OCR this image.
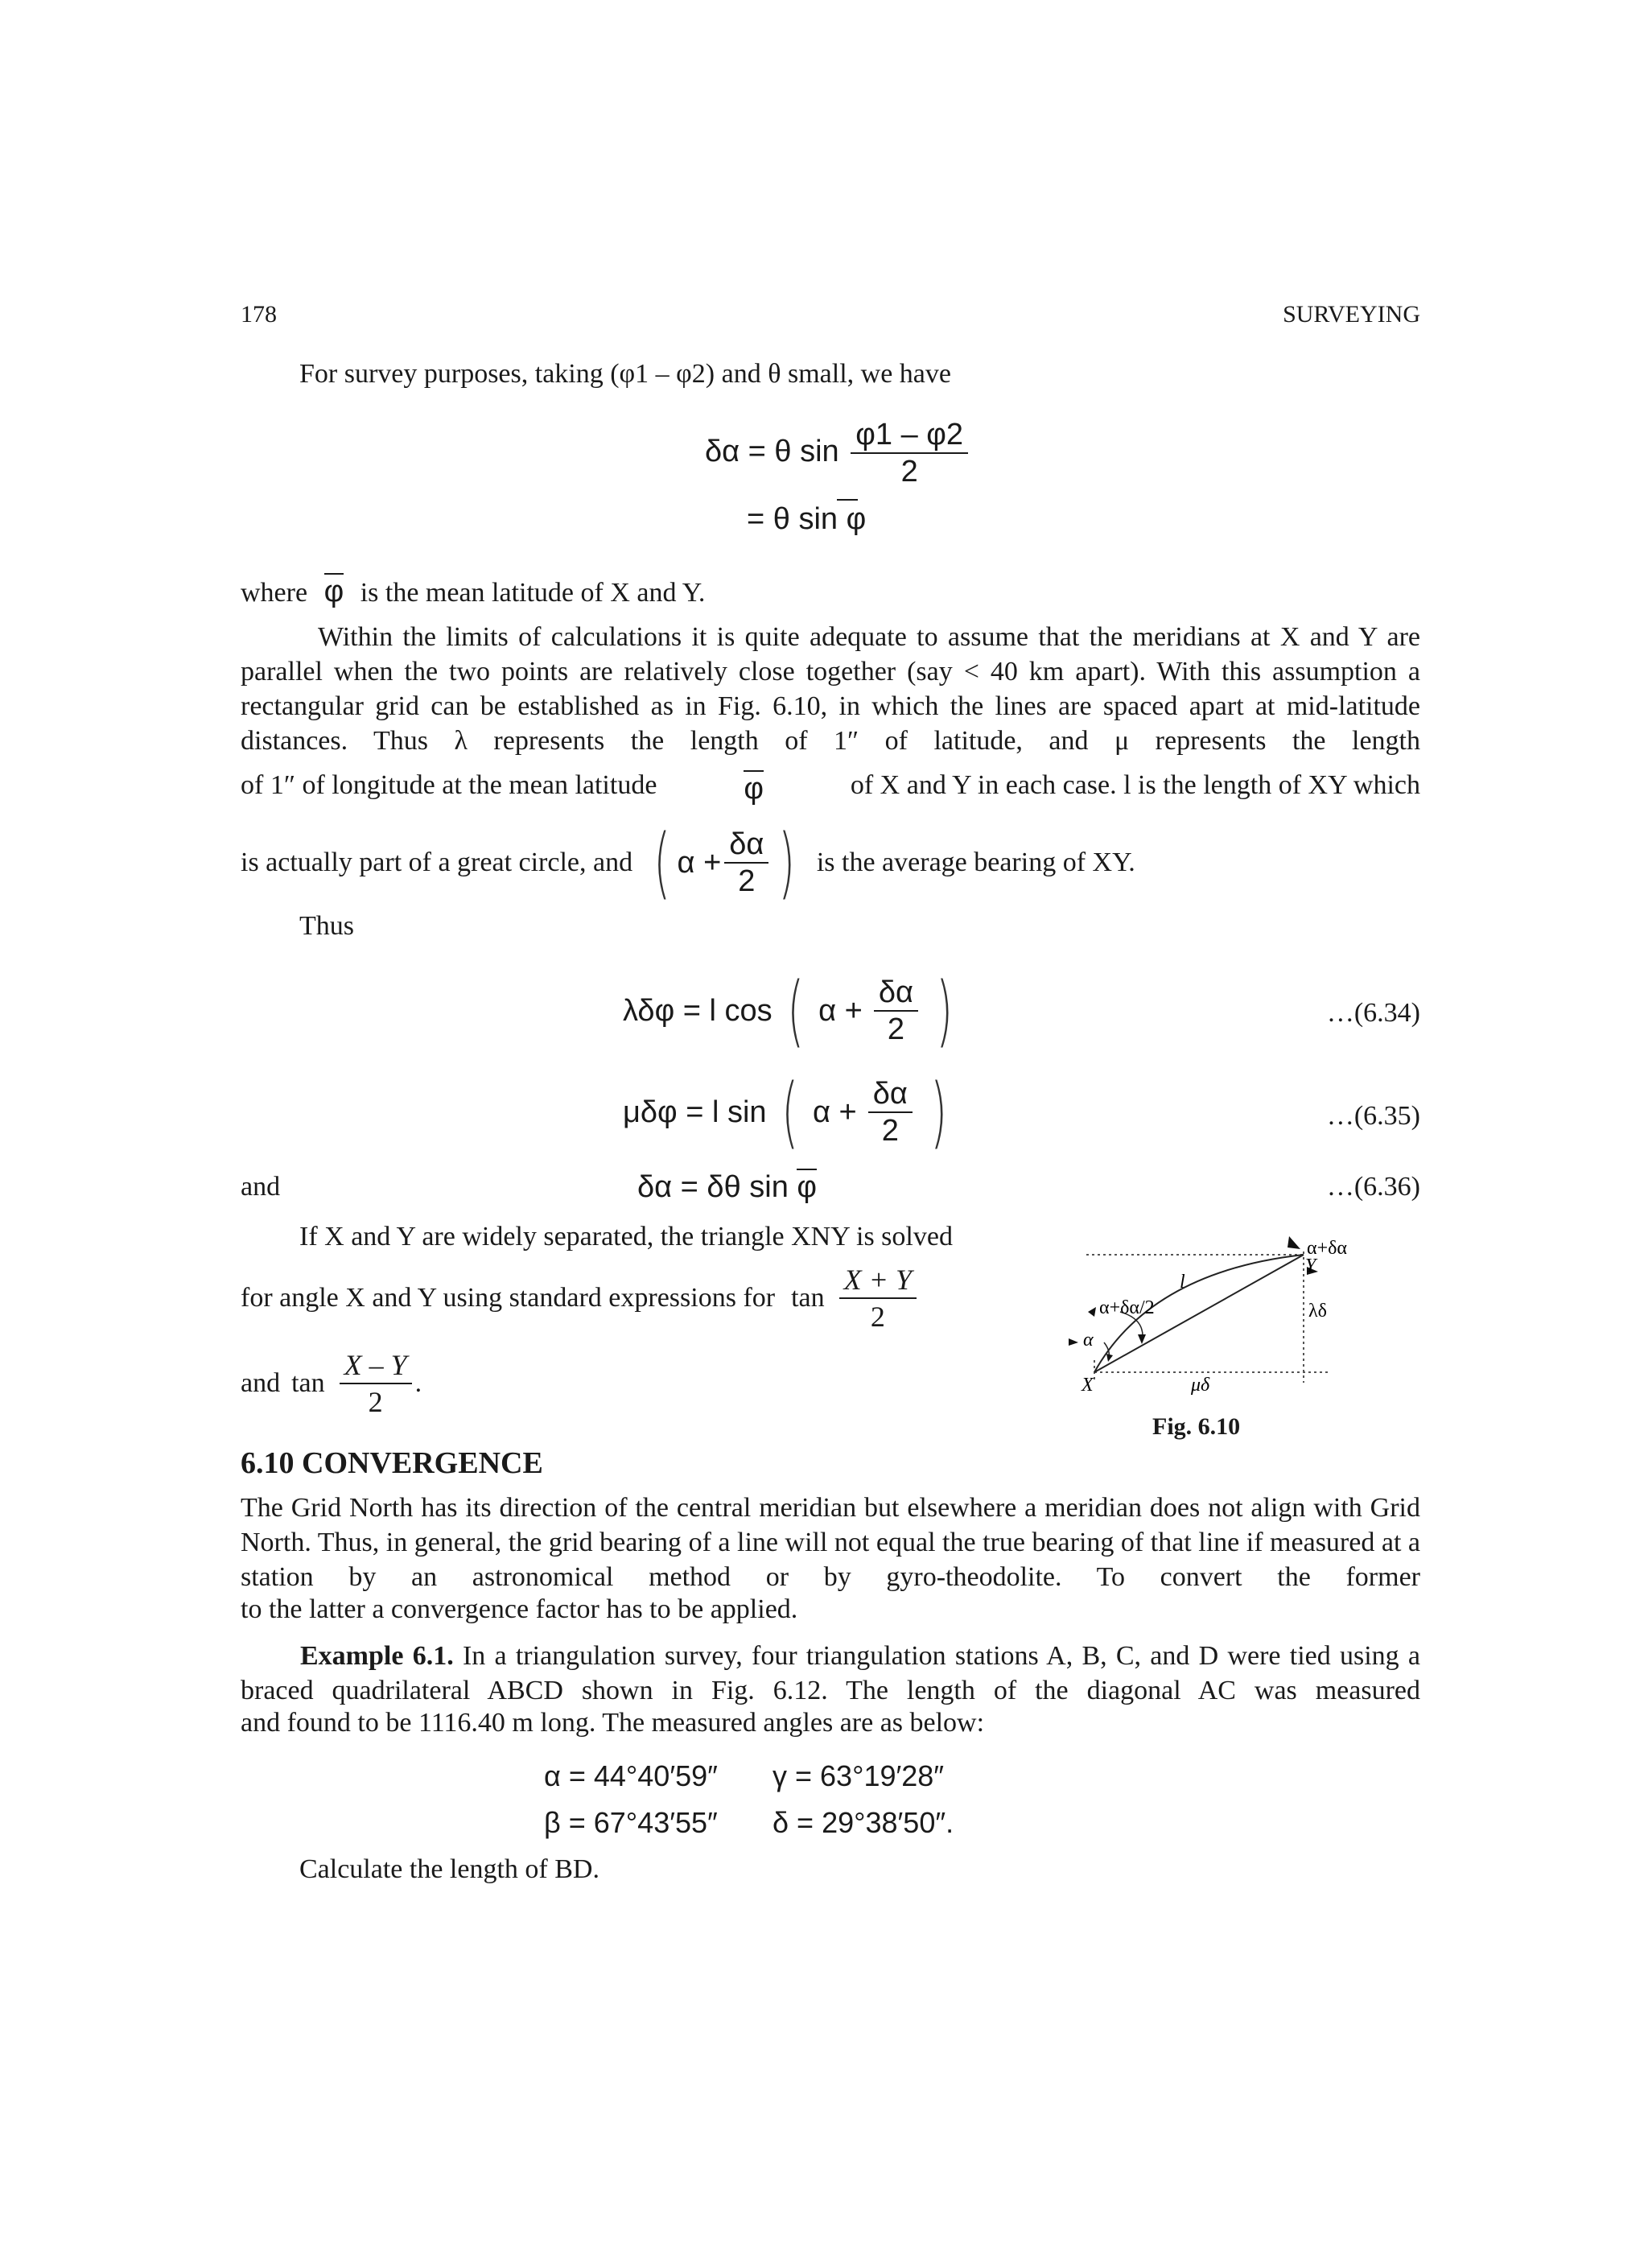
178	SURVEYING
For survey purposes, taking (φ1 – φ2) and θ small, we have
δα = θ $\sin \frac{\varphi 1 - \varphi 2}{2}$
= θ sin φ
where φ is the mean latitude of X and Y.
Within the limits of calculations it is quite adequate to assume that the meridians at X and Y are parallel when the two points are relatively close together (say < 40 km apart). With this assumption a rectangular grid can be established as in Fig. 6.10, in which the lines are spaced apart at mid-latitude distances. Thus λ represents the length of 1″ of latitude, and μ represents the length
of 1″ of longitude at the mean latitude	φ	of X and Y in each case. l is the length of XY which
is actually part of a great circle, and ( $\alpha + \frac{\delta\alpha}{2}$ ) is the average bearing of XY.
Thus
λδφ = l cos ( $\alpha + \frac{\delta\alpha}{2}$ )	…(6.34)
μδφ = l sin ( $\alpha + \frac{\delta\alpha}{2}$ )	…(6.35)
and	δα = δθ sin φ	…(6.36)
If X and Y are widely separated, the triangle XNY is solved
for angle X and Y using standard expressions for $\tan \frac{X + Y}{2}$
and $\tan \frac{X - Y}{2}$ .
α+δα
Y
l
α+δα/2
α
λδ
X	μδ
Fig. 6.10
6.10 CONVERGENCE
The Grid North has its direction of the central meridian but elsewhere a meridian does not align with Grid North. Thus, in general, the grid bearing of a line will not equal the true bearing of that line if measured at a station by an astronomical method or by gyro-theodolite. To convert the former
to the latter a convergence factor has to be applied.
Example 6.1. In a triangulation survey, four triangulation stations A, B, C, and D were tied using a braced quadrilateral ABCD shown in Fig. 6.12. The length of the diagonal AC was measured
and found to be 1116.40 m long. The measured angles are as below:
α = 44°40′59″ γ = 63°19′28″
β = 67°43′55″ δ = 29°38′50″.
Calculate the length of BD.
